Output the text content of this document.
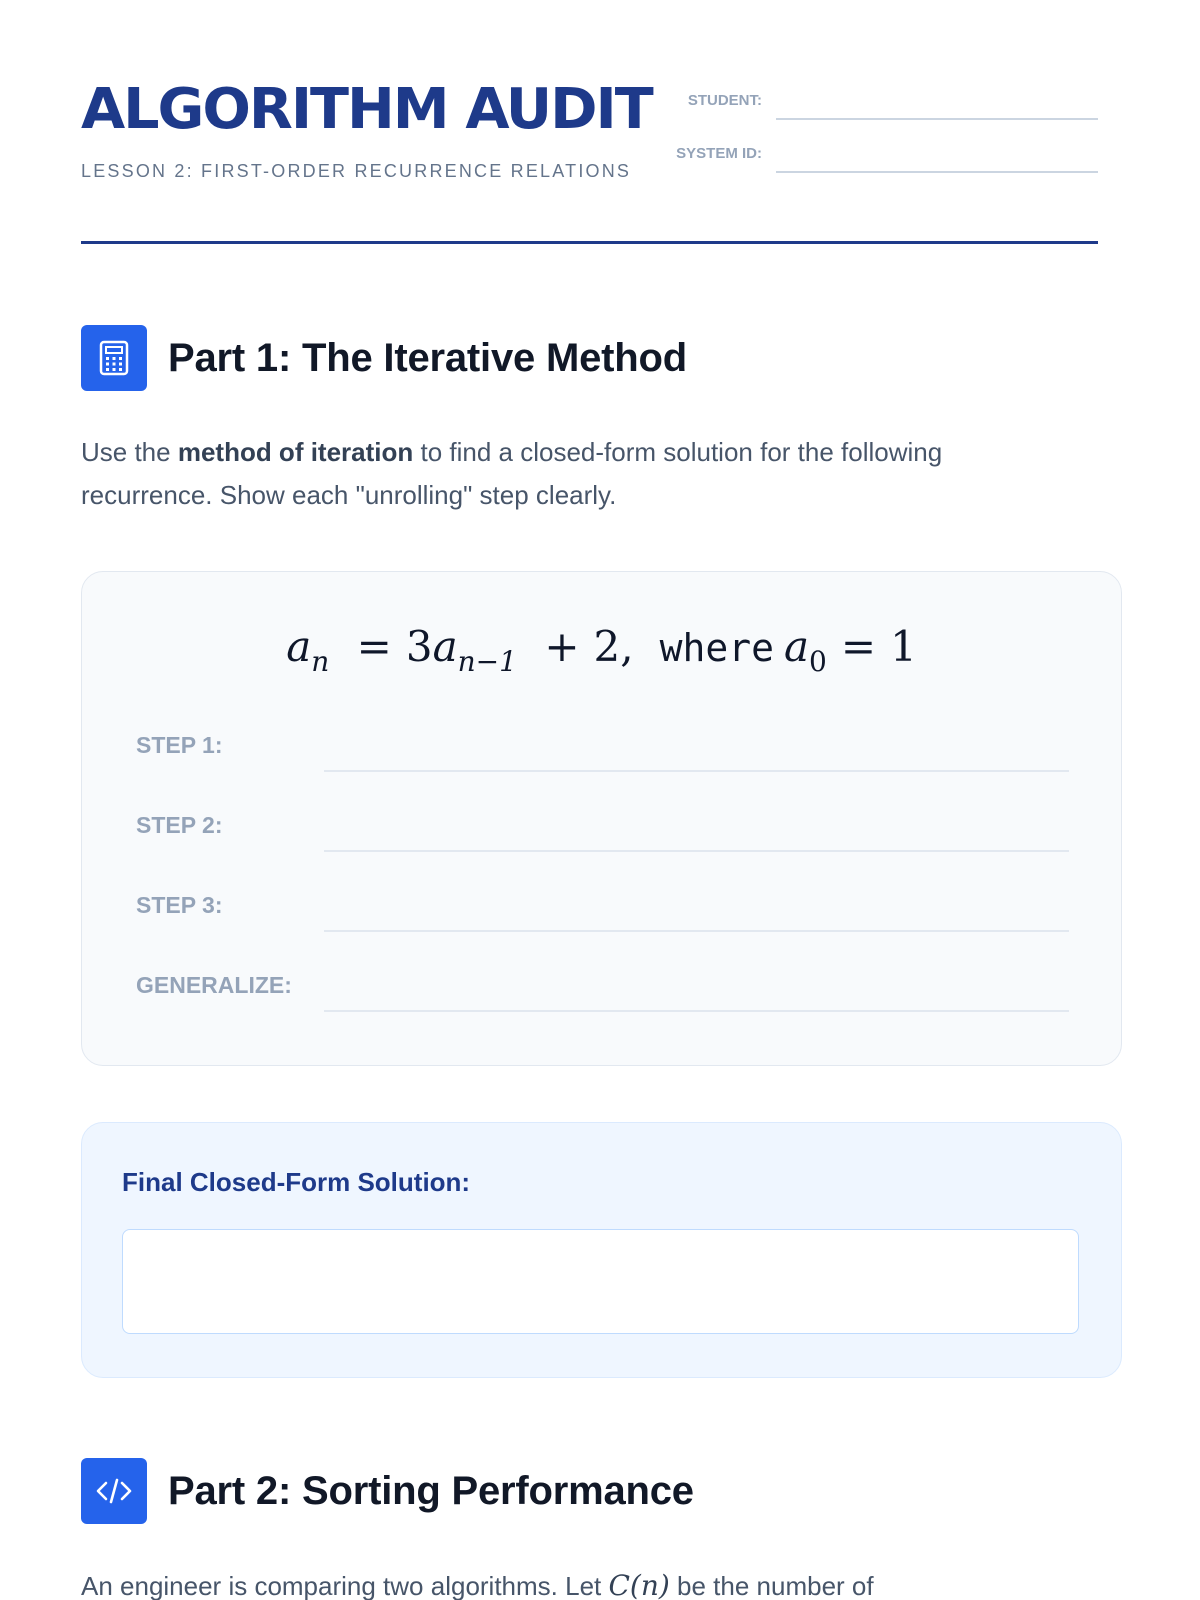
ALGORITHM AUDIT

LESSON 2: FIRST-ORDER RECURRENCE RELATIONS

STUDENT:
SYSTEM ID:
Part 1: The Iterative Method

Use the method of iteration to find a closed-form solution for the following recurrence. Show each "unrolling" step clearly.

$a_n = 3a_{n-1} + 2$, where $a_0 = 1$
STEP 1:
STEP 2:
STEP 3:
GENERALIZE:

Final Closed-Form Solution:

Part 2: Sorting Performance

An engineer is comparing two algorithms. Let C(n) be the number of
